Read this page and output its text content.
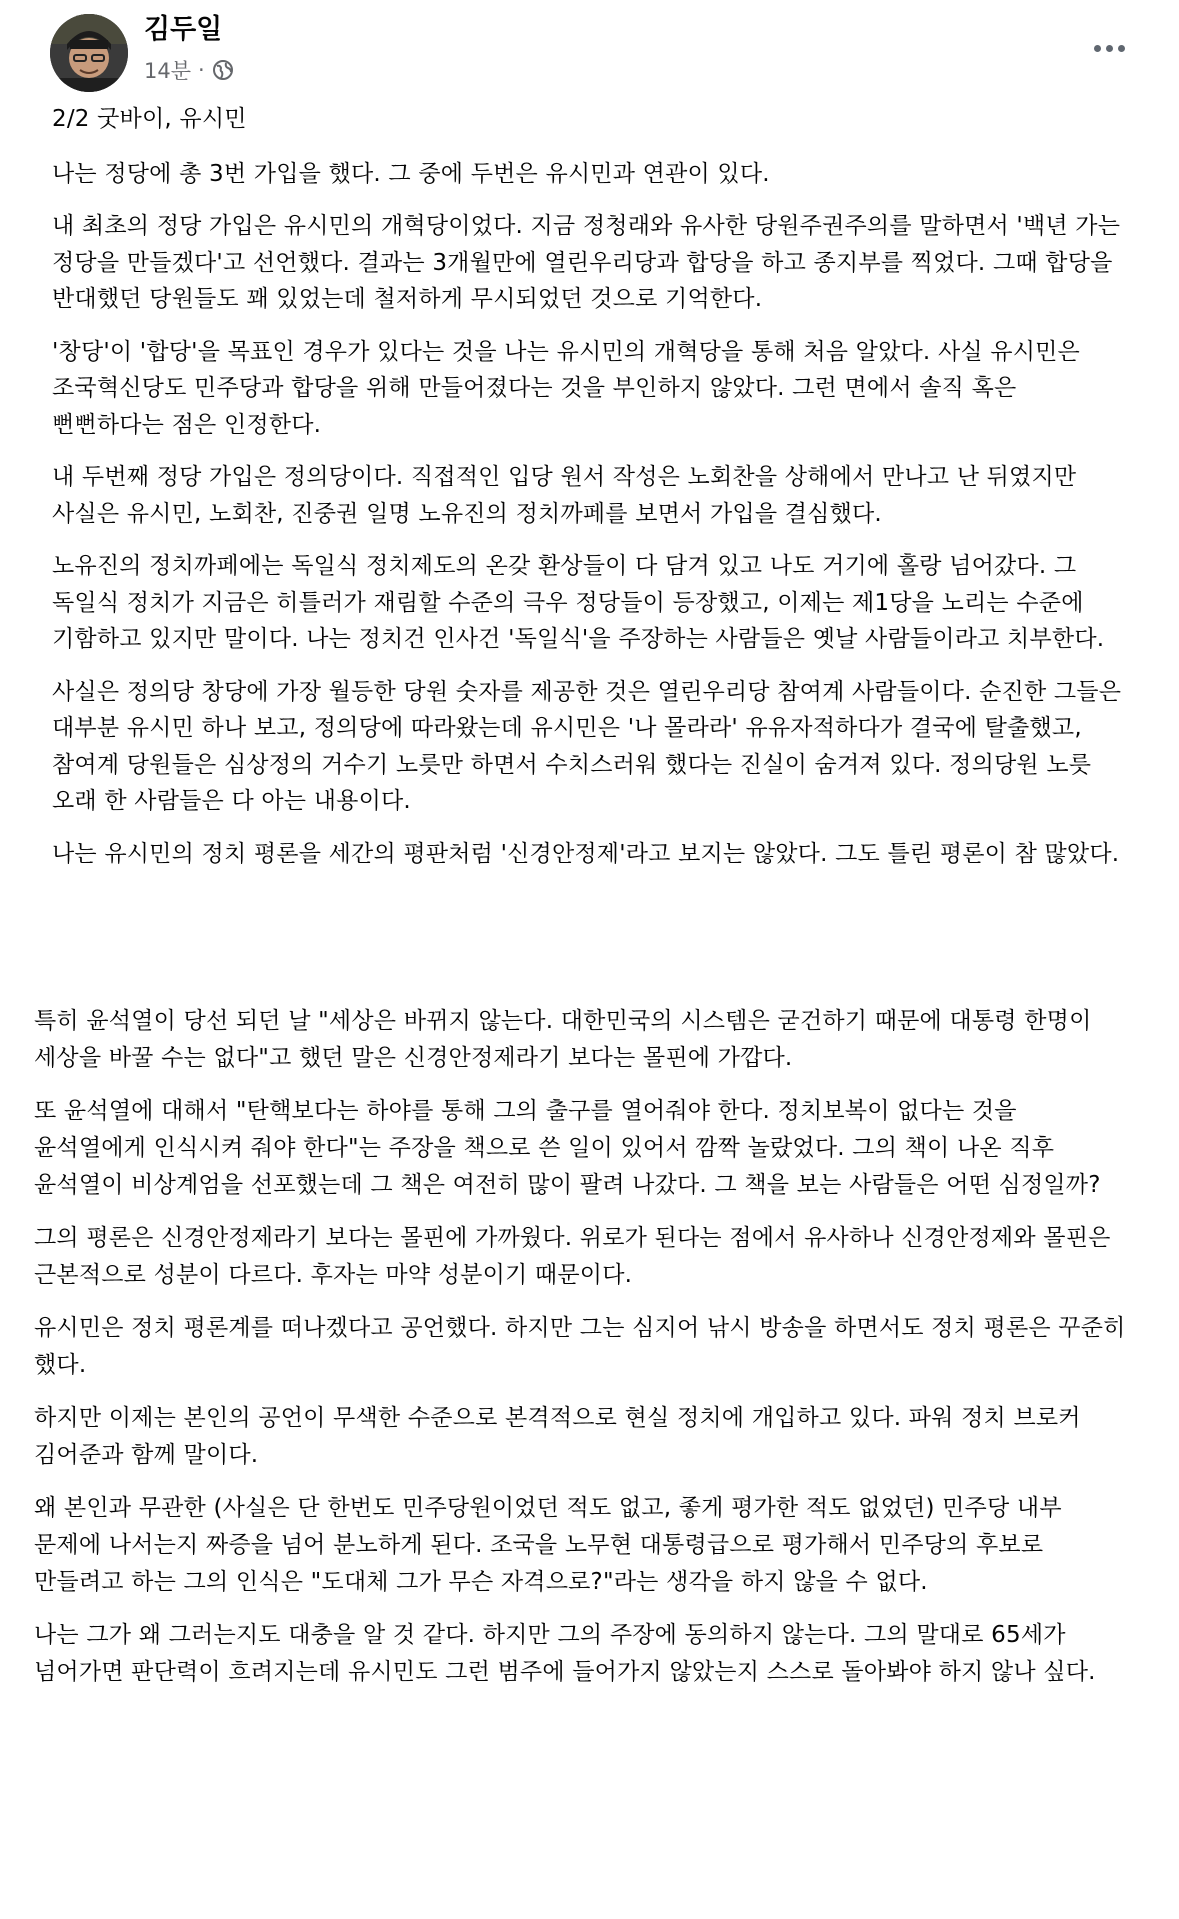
김두일
14분 ·

2/2 굿바이, 유시민

나는 정당에 총 3번 가입을 했다. 그 중에 두번은 유시민과 연관이 있다.

내 최초의 정당 가입은 유시민의 개혁당이었다. 지금 정청래와 유사한 당원주권주의를 말하면서 '백년 가는 정당을 만들겠다'고 선언했다. 결과는 3개월만에 열린우리당과 합당을 하고 종지부를 찍었다. 그때 합당을 반대했던 당원들도 꽤 있었는데 철저하게 무시되었던 것으로 기억한다.

'창당'이 '합당'을 목표인 경우가 있다는 것을 나는 유시민의 개혁당을 통해 처음 알았다. 사실 유시민은 조국혁신당도 민주당과 합당을 위해 만들어졌다는 것을 부인하지 않았다. 그런 면에서 솔직 혹은 뻔뻔하다는 점은 인정한다.

내 두번째 정당 가입은 정의당이다. 직접적인 입당 원서 작성은 노회찬을 상해에서 만나고 난 뒤였지만 사실은 유시민, 노회찬, 진중권 일명 노유진의 정치까페를 보면서 가입을 결심했다.

노유진의 정치까페에는 독일식 정치제도의 온갖 환상들이 다 담겨 있고 나도 거기에 홀랑 넘어갔다. 그 독일식 정치가 지금은 히틀러가 재림할 수준의 극우 정당들이 등장했고, 이제는 제1당을 노리는 수준에 기함하고 있지만 말이다. 나는 정치건 인사건 '독일식'을 주장하는 사람들은 옛날 사람들이라고 치부한다.

사실은 정의당 창당에 가장 월등한 당원 숫자를 제공한 것은 열린우리당 참여계 사람들이다. 순진한 그들은 대부분 유시민 하나 보고, 정의당에 따라왔는데 유시민은 '나 몰라라' 유유자적하다가 결국에 탈출했고, 참여계 당원들은 심상정의 거수기 노릇만 하면서 수치스러워 했다는 진실이 숨겨져 있다. 정의당원 노릇 오래 한 사람들은 다 아는 내용이다.

나는 유시민의 정치 평론을 세간의 평판처럼 '신경안정제'라고 보지는 않았다. 그도 틀린 평론이 참 많았다.

특히 윤석열이 당선 되던 날 "세상은 바뀌지 않는다. 대한민국의 시스템은 굳건하기 때문에 대통령 한명이 세상을 바꿀 수는 없다"고 했던 말은 신경안정제라기 보다는 몰핀에 가깝다.

또 윤석열에 대해서 "탄핵보다는 하야를 통해 그의 출구를 열어줘야 한다. 정치보복이 없다는 것을 윤석열에게 인식시켜 줘야 한다"는 주장을 책으로 쓴 일이 있어서 깜짝 놀랐었다. 그의 책이 나온 직후 윤석열이 비상계엄을 선포했는데 그 책은 여전히 많이 팔려 나갔다. 그 책을 보는 사람들은 어떤 심정일까?

그의 평론은 신경안정제라기 보다는 몰핀에 가까웠다. 위로가 된다는 점에서 유사하나 신경안정제와 몰핀은 근본적으로 성분이 다르다. 후자는 마약 성분이기 때문이다.

유시민은 정치 평론계를 떠나겠다고 공언했다. 하지만 그는 심지어 낚시 방송을 하면서도 정치 평론은 꾸준히 했다.

하지만 이제는 본인의 공언이 무색한 수준으로 본격적으로 현실 정치에 개입하고 있다. 파워 정치 브로커 김어준과 함께 말이다.

왜 본인과 무관한 (사실은 단 한번도 민주당원이었던 적도 없고, 좋게 평가한 적도 없었던) 민주당 내부 문제에 나서는지 짜증을 넘어 분노하게 된다. 조국을 노무현 대통령급으로 평가해서 민주당의 후보로 만들려고 하는 그의 인식은 "도대체 그가 무슨 자격으로?"라는 생각을 하지 않을 수 없다.

나는 그가 왜 그러는지도 대충을 알 것 같다. 하지만 그의 주장에 동의하지 않는다. 그의 말대로 65세가 넘어가면 판단력이 흐려지는데 유시민도 그런 범주에 들어가지 않았는지 스스로 돌아봐야 하지 않나 싶다.
